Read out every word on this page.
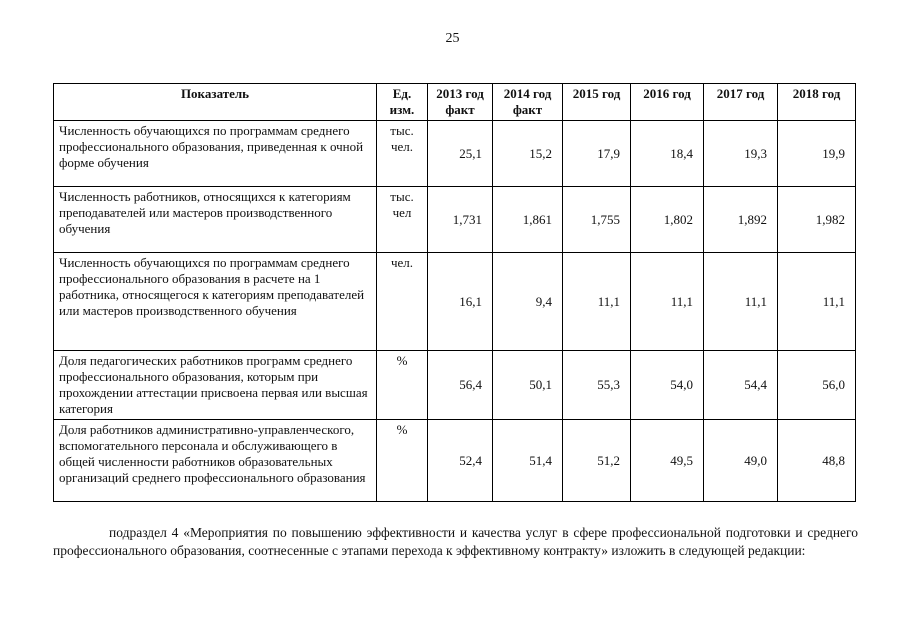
25
Показатель	Ед. изм.	2013 год факт	2014 год факт	2015 год	2016 год	2017 год	2018 год
Численность обучающихся по программам среднего профессионального образования, приведенная к очной форме обучения	тыс. чел.	25,1	15,2	17,9	18,4	19,3	19,9
Численность работников, относящихся к категориям преподавателей или мастеров производственного обучения	тыс. чел	1,731	1,861	1,755	1,802	1,892	1,982
Численность обучающихся по программам среднего профессионального образования в расчете на 1 работника, относящегося к категориям преподавателей или мастеров производственного обучения	чел.	16,1	9,4	11,1	11,1	11,1	11,1
Доля педагогических работников программ среднего профессионального образования, которым при прохождении аттестации присвоена первая или высшая категория	%	56,4	50,1	55,3	54,0	54,4	56,0
Доля работников административно-управленческого, вспомогательного персонала и обслуживающего в общей численности работников образовательных организаций среднего профессионального образования	%	52,4	51,4	51,2	49,5	49,0	48,8

подраздел 4 «Мероприятия по повышению эффективности и качества услуг в сфере профессиональной подготовки и среднего профессионального образования, соотнесенные с этапами перехода к эффективному контракту» изложить в следующей редакции:
